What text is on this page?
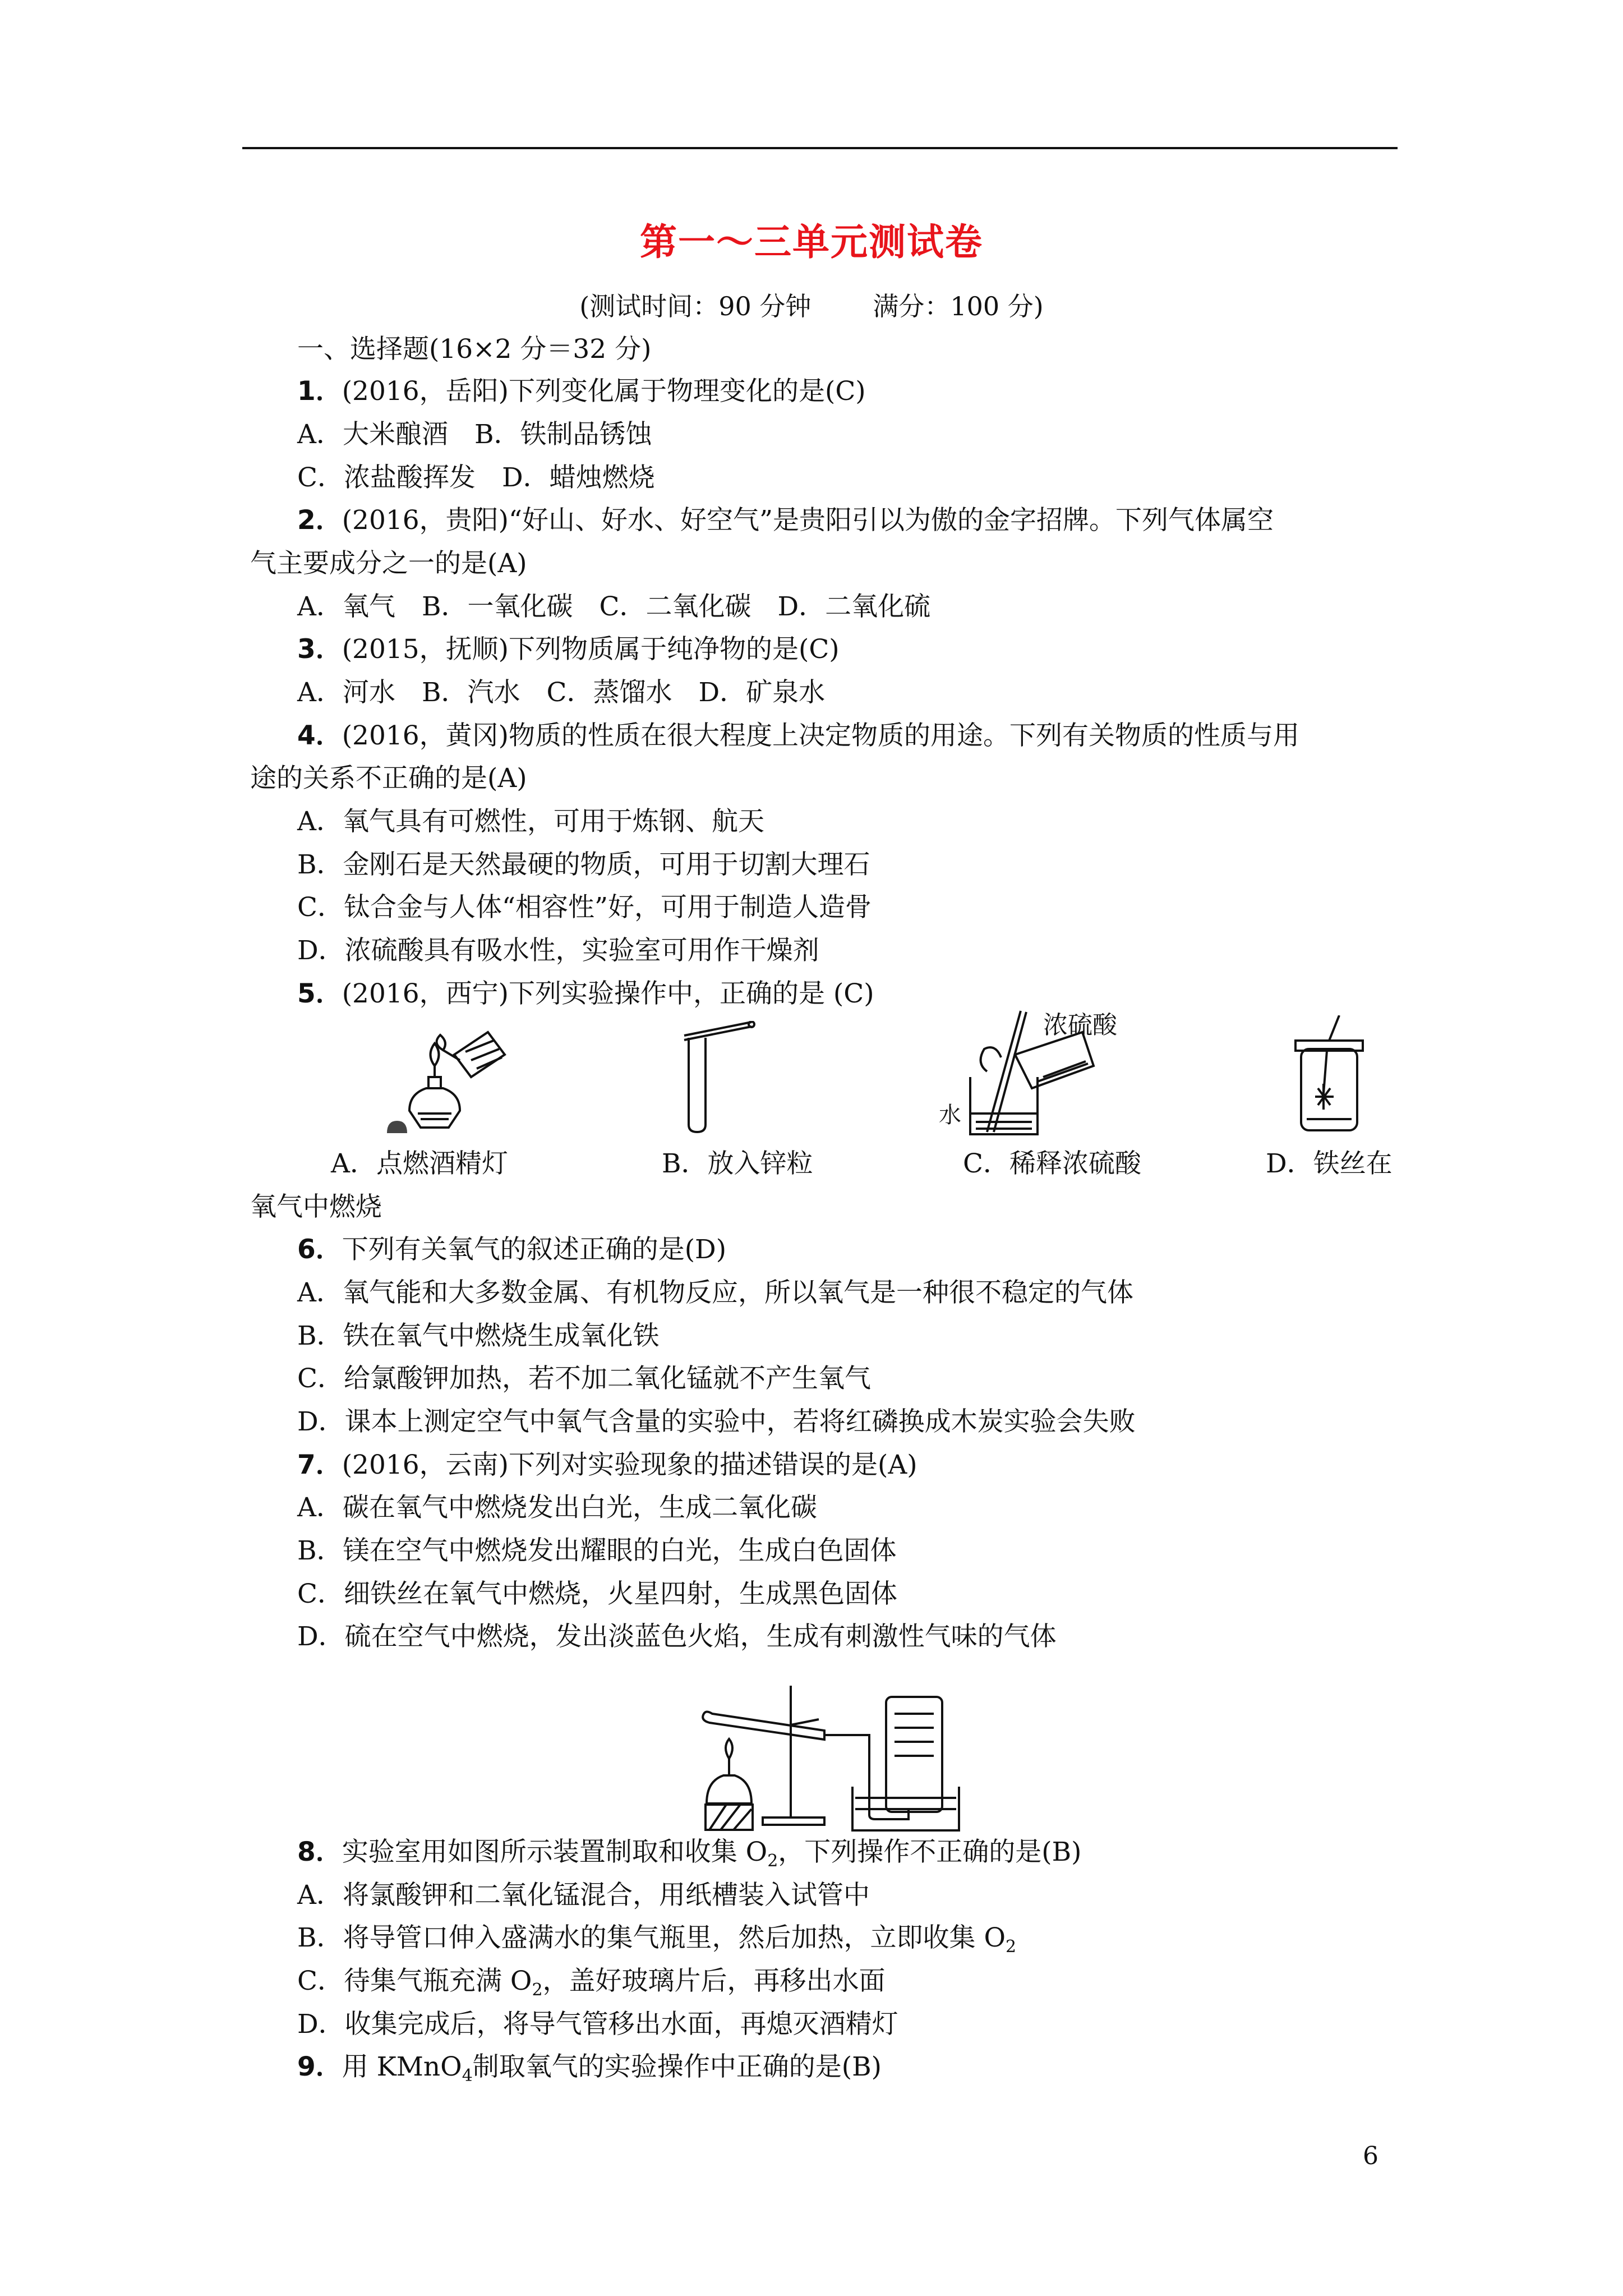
第一～三单元测试卷
(测试时间：90 分钟 满分：100 分)
一、选择题(16×2 分＝32 分)
1．(2016，岳阳)下列变化属于物理变化的是(C)
A．大米酿酒　B．铁制品锈蚀
C．浓盐酸挥发　D．蜡烛燃烧
2．(2016，贵阳)“好山、好水、好空气”是贵阳引以为傲的金字招牌。下列气体属空
气主要成分之一的是(A)
A．氧气　B．一氧化碳　C．二氧化碳　D．二氧化硫
3．(2015，抚顺)下列物质属于纯净物的是(C)
A．河水　B．汽水　C．蒸馏水　D．矿泉水
4．(2016，黄冈)物质的性质在很大程度上决定物质的用途。下列有关物质的性质与用
途的关系不正确的是(A)
A．氧气具有可燃性，可用于炼钢、航天
B．金刚石是天然最硬的物质，可用于切割大理石
C．钛合金与人体“相容性”好，可用于制造人造骨
D．浓硫酸具有吸水性，实验室可用作干燥剂
5．(2016，西宁)下列实验操作中，正确的是 (C)
浓硫酸
水
A．点燃酒精灯	B．放入锌粒	C．稀释浓硫酸	D．铁丝在
氧气中燃烧
6．下列有关氧气的叙述正确的是(D)
A．氧气能和大多数金属、有机物反应，所以氧气是一种很不稳定的气体
B．铁在氧气中燃烧生成氧化铁
C．给氯酸钾加热，若不加二氧化锰就不产生氧气
D．课本上测定空气中氧气含量的实验中，若将红磷换成木炭实验会失败
7．(2016，云南)下列对实验现象的描述错误的是(A)
A．碳在氧气中燃烧发出白光，生成二氧化碳
B．镁在空气中燃烧发出耀眼的白光，生成白色固体
C．细铁丝在氧气中燃烧，火星四射，生成黑色固体
D．硫在空气中燃烧，发出淡蓝色火焰，生成有刺激性气味的气体
8．实验室用如图所示装置制取和收集 $O_2$，下列操作不正确的是(B)
A．将氯酸钾和二氧化锰混合，用纸槽装入试管中
B．将导管口伸入盛满水的集气瓶里，然后加热，立即收集 $O_2$
C．待集气瓶充满 $O_2$，盖好玻璃片后，再移出水面
D．收集完成后，将导气管移出水面，再熄灭酒精灯
9．用 KMnO$_4$制取氧气的实验操作中正确的是(B)
6
